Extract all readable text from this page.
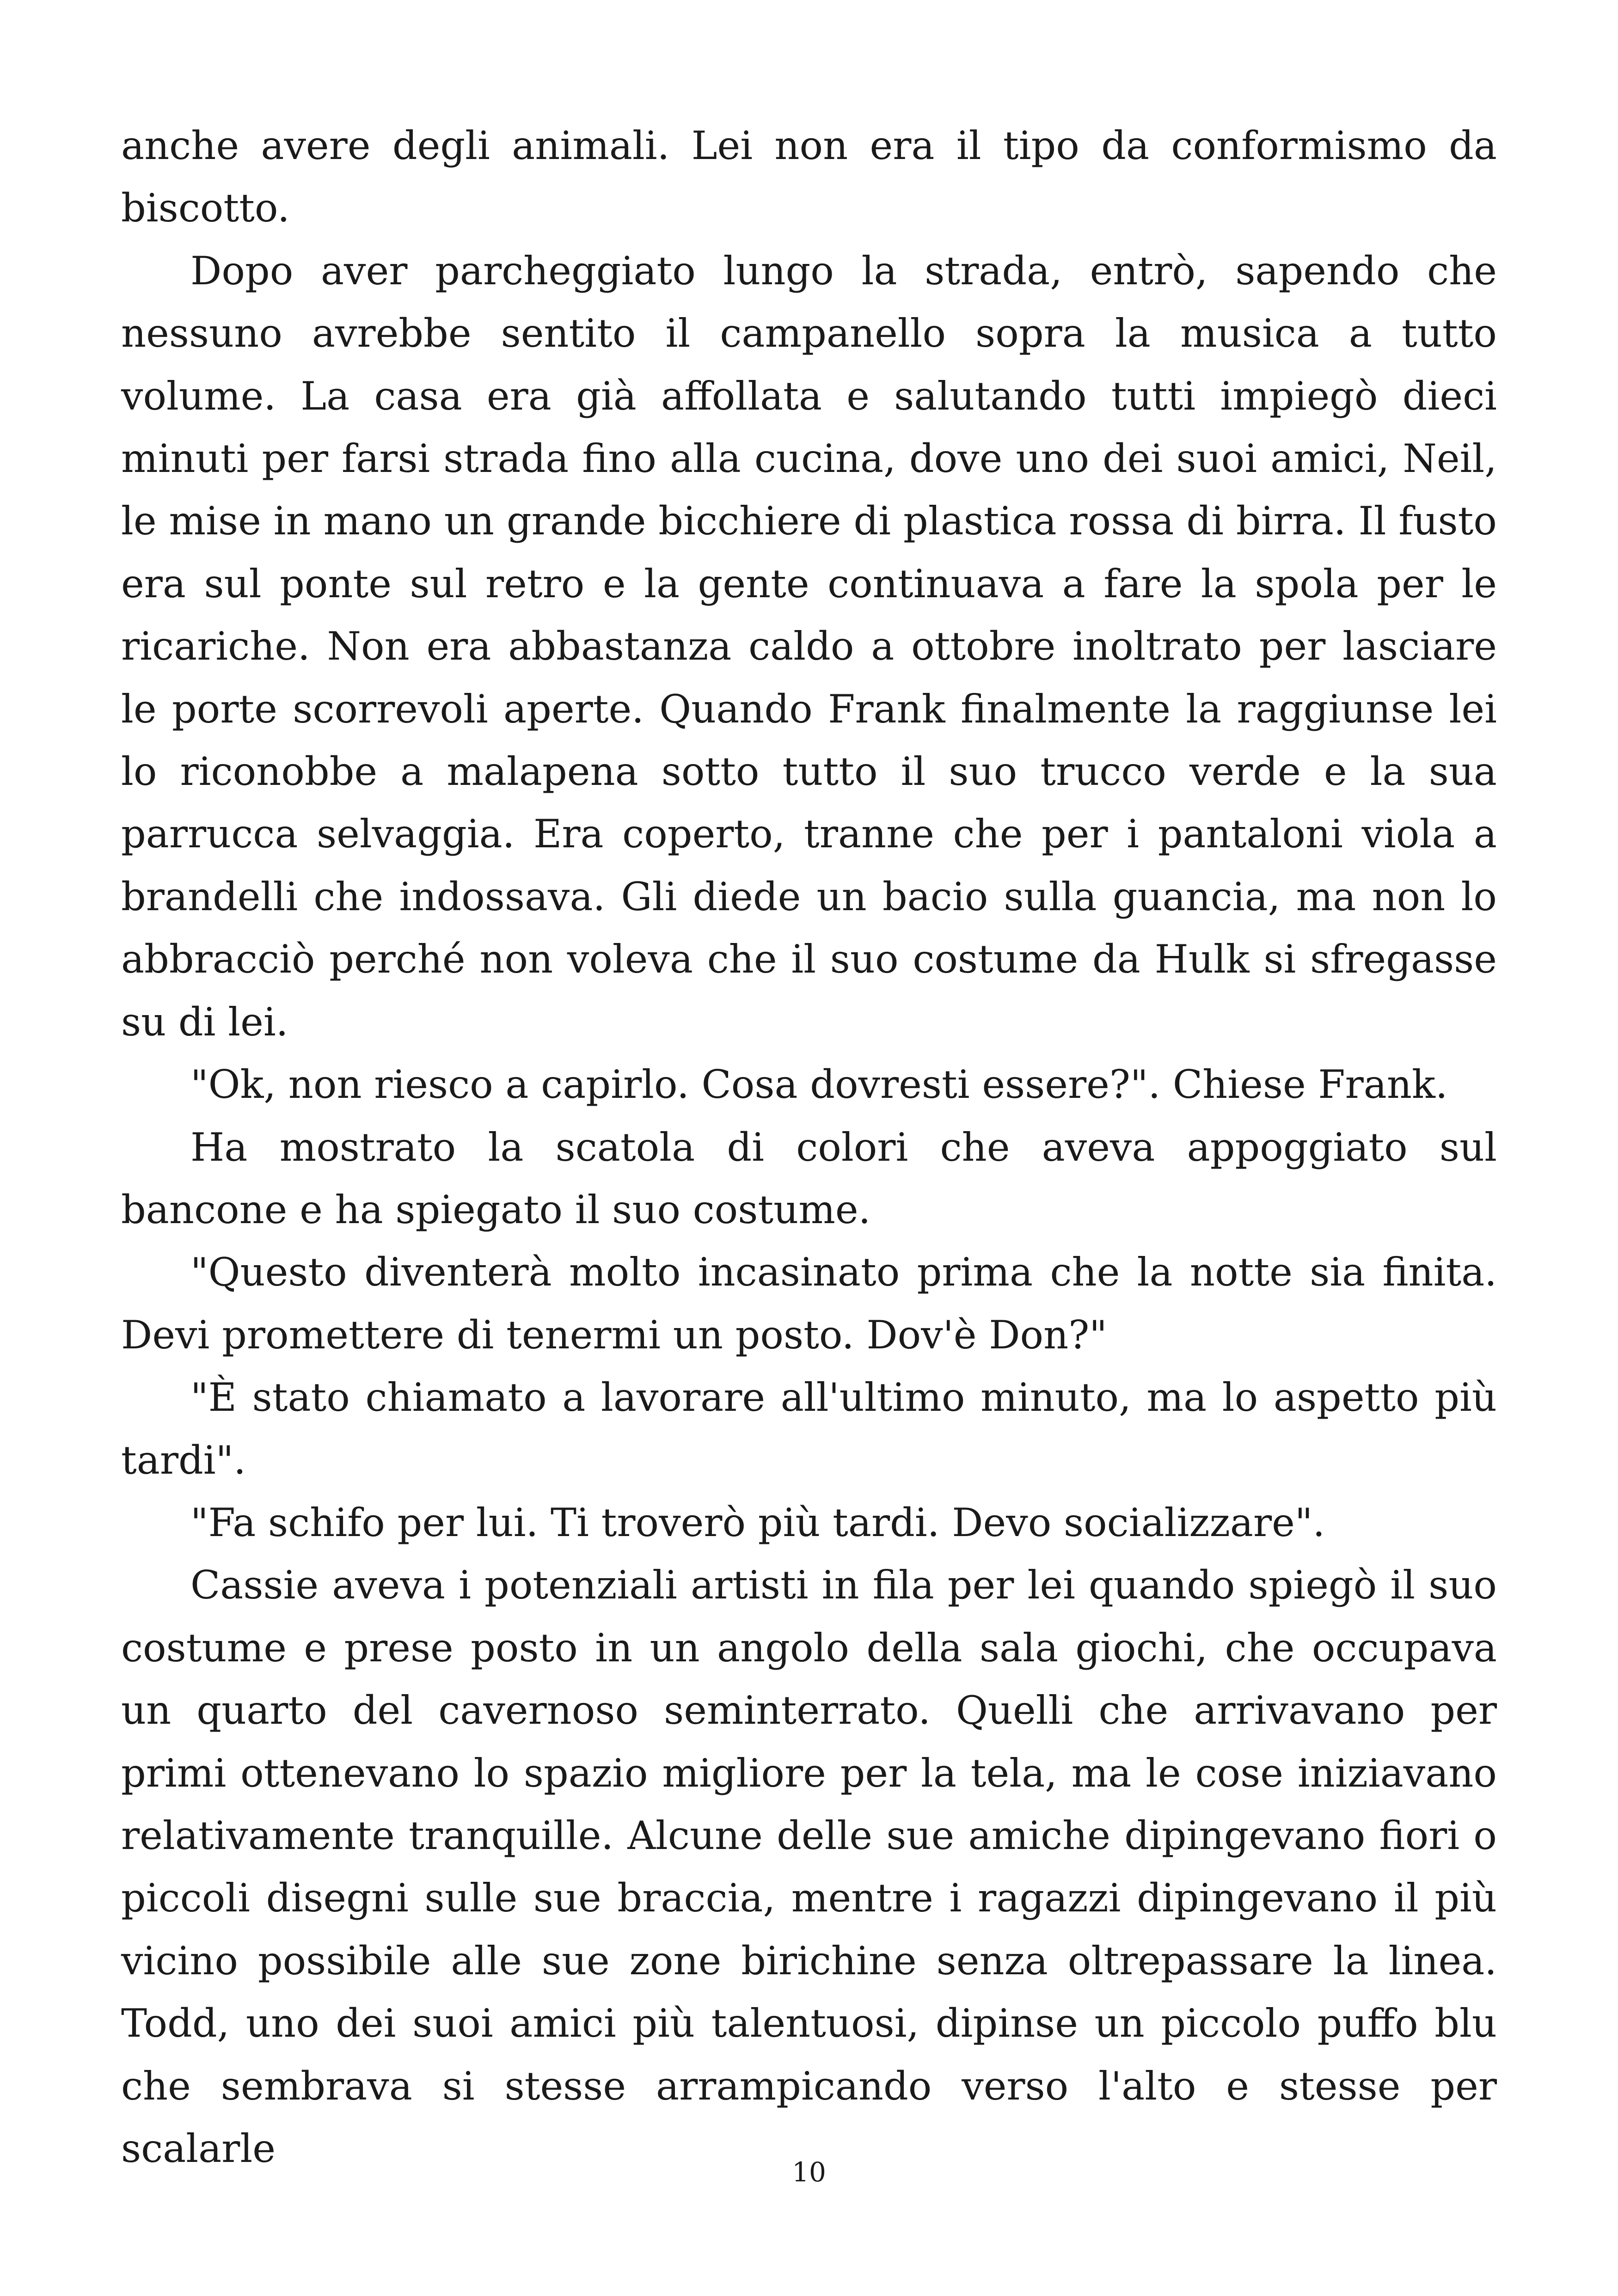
anche avere degli animali. Lei non era il tipo da conformismo da biscotto.

Dopo aver parcheggiato lungo la strada, entrò, sapendo che nessuno avrebbe sentito il campanello sopra la musica a tutto volume. La casa era già affollata e salutando tutti impiegò dieci minuti per farsi strada fino alla cucina, dove uno dei suoi amici, Neil, le mise in mano un grande bicchiere di plastica rossa di birra. Il fusto era sul ponte sul retro e la gente continuava a fare la spola per le ricariche. Non era abbastanza caldo a ottobre inoltrato per lasciare le porte scorrevoli aperte. Quando Frank finalmente la raggiunse lei lo riconobbe a malapena sotto tutto il suo trucco verde e la sua parrucca selvaggia. Era coperto, tranne che per i pantaloni viola a brandelli che indossava. Gli diede un bacio sulla guancia, ma non lo abbracciò perché non voleva che il suo costume da Hulk si sfregasse su di lei.

"Ok, non riesco a capirlo. Cosa dovresti essere?". Chiese Frank.

Ha mostrato la scatola di colori che aveva appoggiato sul bancone e ha spiegato il suo costume.

"Questo diventerà molto incasinato prima che la notte sia finita. Devi promettere di tenermi un posto. Dov'è Don?"

"È stato chiamato a lavorare all'ultimo minuto, ma lo aspetto più tardi".

"Fa schifo per lui. Ti troverò più tardi. Devo socializzare".

Cassie aveva i potenziali artisti in fila per lei quando spiegò il suo costume e prese posto in un angolo della sala giochi, che occupava un quarto del cavernoso seminterrato. Quelli che arrivavano per primi ottenevano lo spazio migliore per la tela, ma le cose iniziavano relativamente tranquille. Alcune delle sue amiche dipingevano fiori o piccoli disegni sulle sue braccia, mentre i ragazzi dipingevano il più vicino possibile alle sue zone birichine senza oltrepassare la linea. Todd, uno dei suoi amici più talentuosi, dipinse un piccolo puffo blu che sembrava si stesse arrampicando verso l'alto e stesse per scalarle

10
